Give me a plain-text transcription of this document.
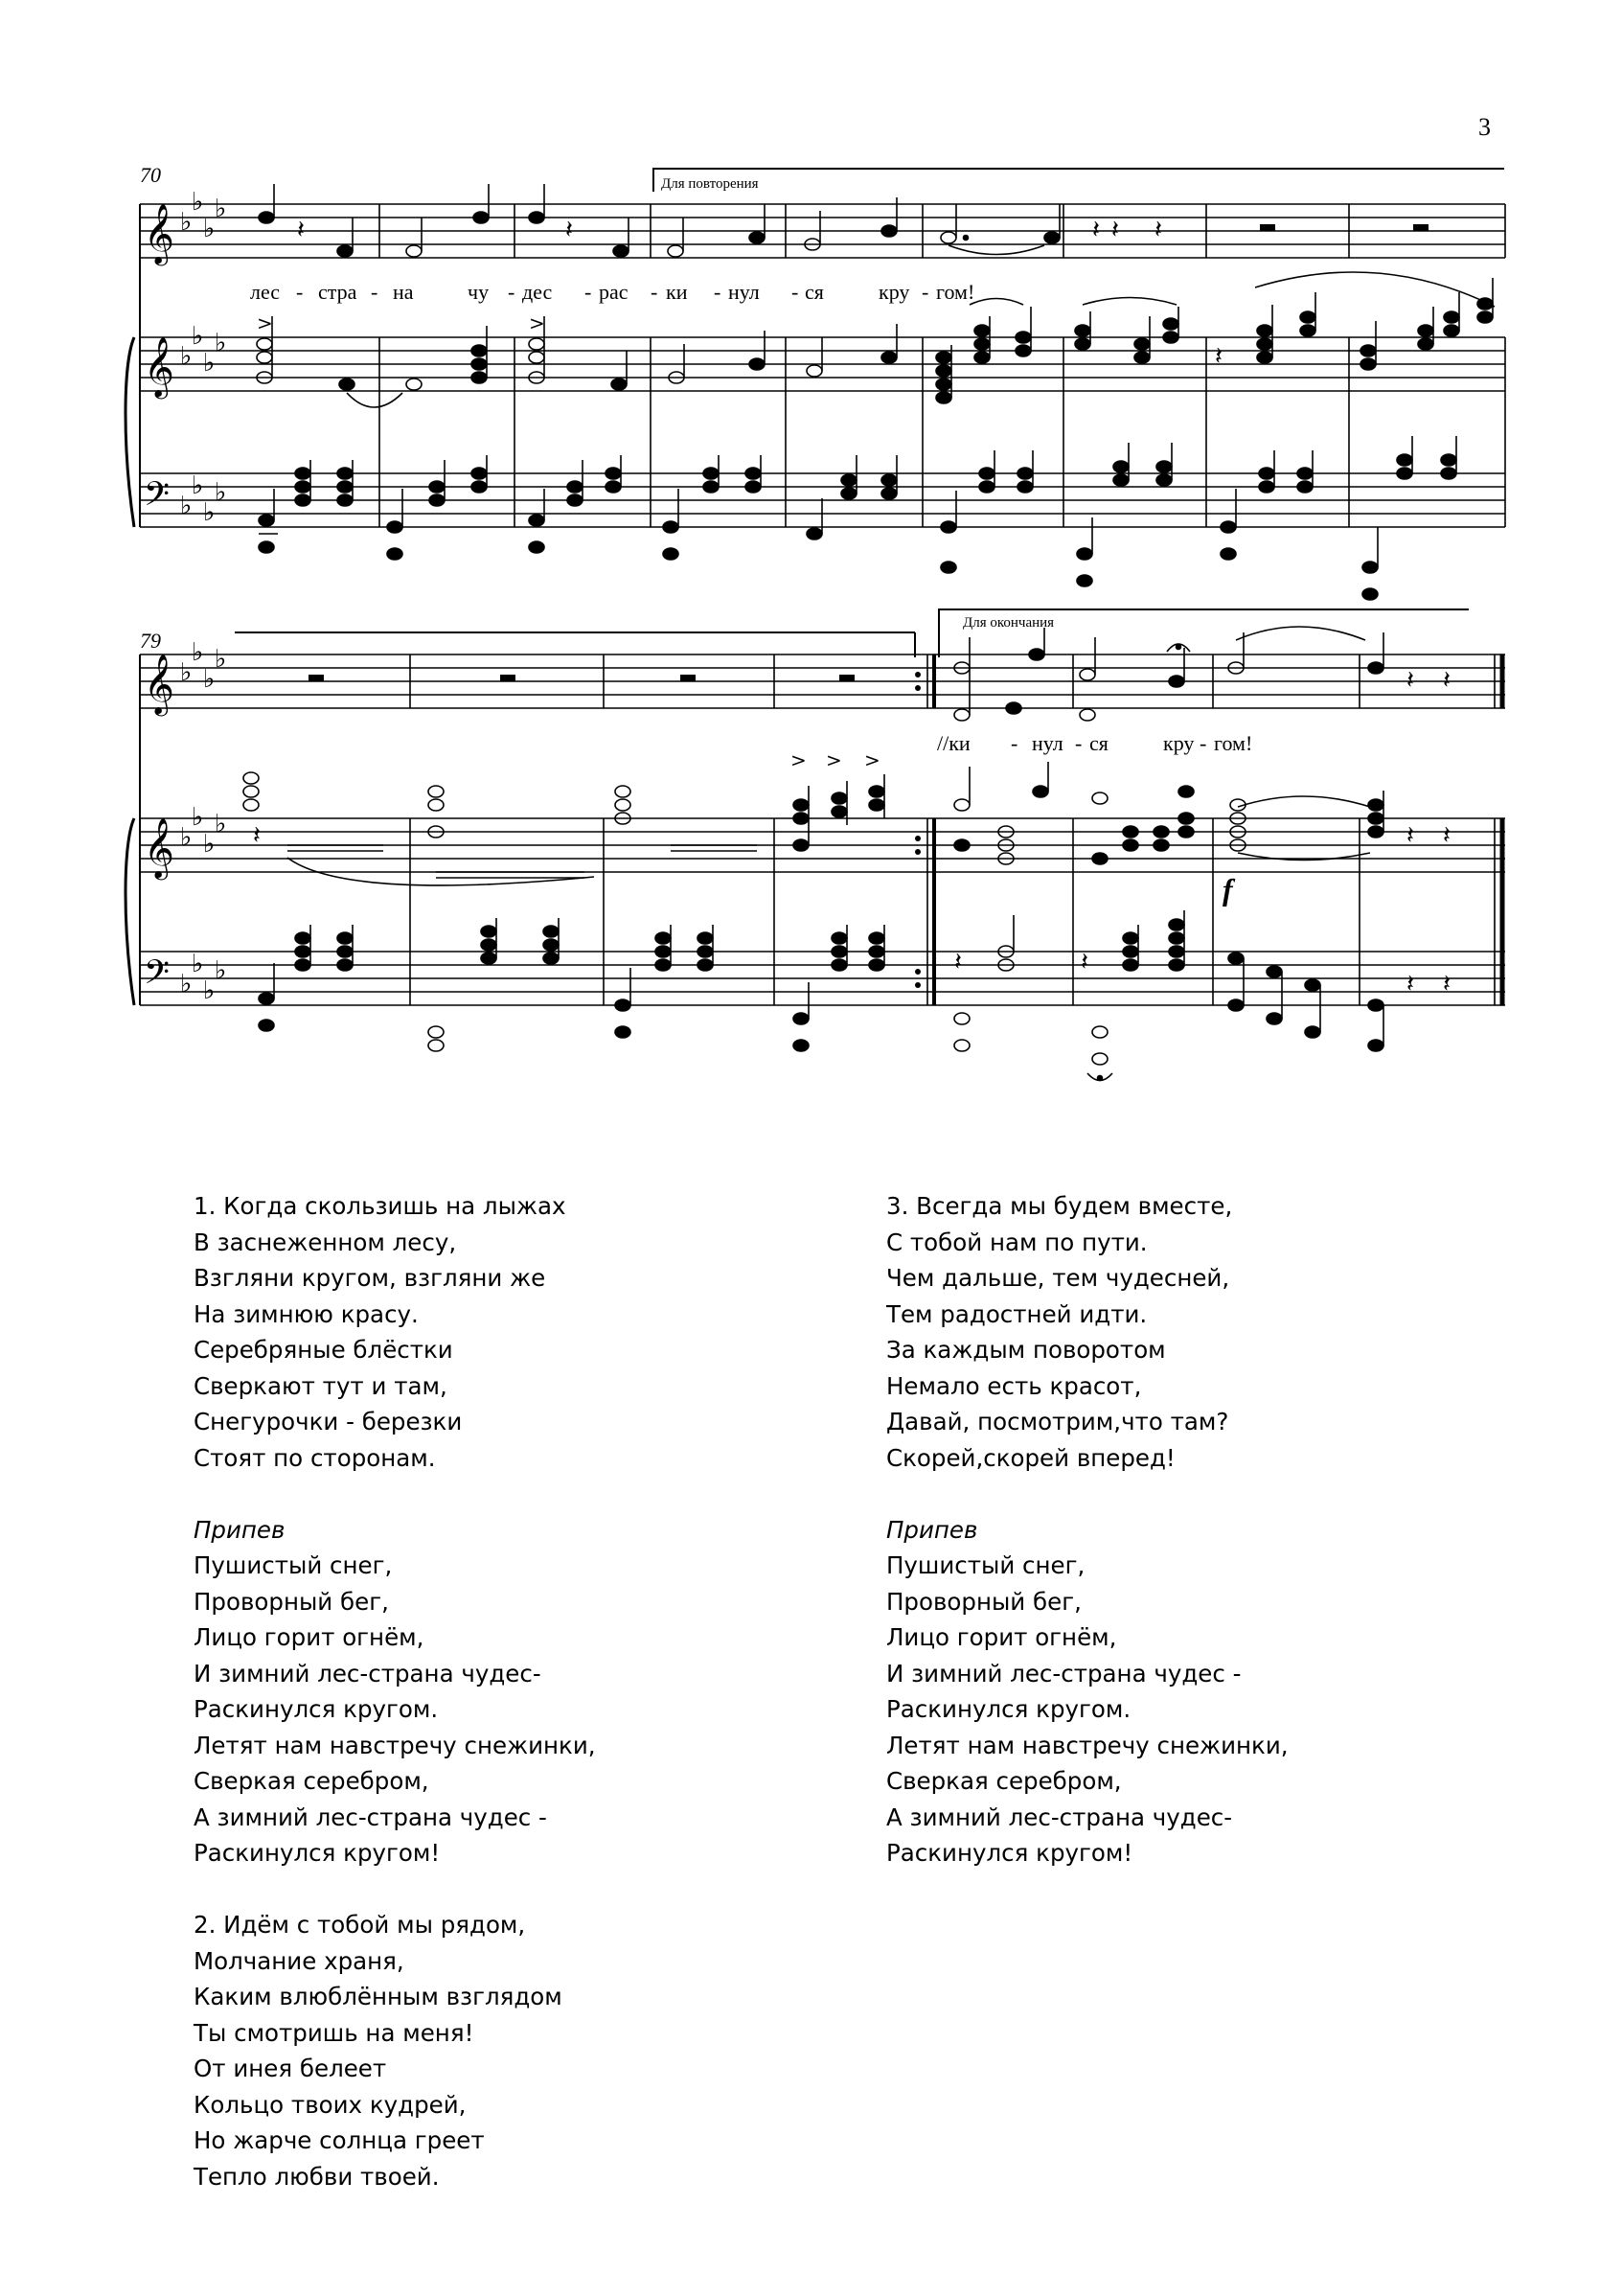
3
70	Для повторения
𝄞
𝄞
𝄢
♭
♭
♭
♭
♭
♭
♭
♭
♭
♭
♭
♭
𝄽	𝄽	𝄽 𝄽
𝄽
>	>
𝄽
𝄞
𝄞
𝄢
♭
♭
♭
♭
♭
♭
♭
♭
♭
♭
♭
♭
𝄽 𝄽
𝄽
> > >
𝄽 𝄽
𝄽	𝄽
𝄽 𝄽
лес - стра - на	чу - дес - рас - ки - нул - ся	кру - гом!
79
Для окончания
//ки - нул - ся	кру - гом!
f
1. Когда скользишь на лыжах
В заснеженном лесу,
Взгляни кругом, взгляни же
На зимнюю красу.
Серебряные блёстки
Сверкают тут и там,
Снегурочки - березки
Стоят по сторонам.
Припев
Пушистый снег,
Проворный бег,
Лицо горит огнём,
И зимний лес-страна чудес-
Раскинулся кругом.
Летят нам навстречу снежинки,
Сверкая серебром,
А зимний лес-страна чудес -
Раскинулся кругом!
2. Идём с тобой мы рядом,
Молчание храня,
Каким влюблённым взглядом
Ты смотришь на меня!
От инея белеет
Кольцо твоих кудрей,
Но жарче солнца греет
Тепло любви твоей.
3. Всегда мы будем вместе,
С тобой нам по пути.
Чем дальше, тем чудесней,
Тем радостней идти.
За каждым поворотом
Немало есть красот,
Давай, посмотрим,что там?
Скорей,скорей вперед!
Припев
Пушистый снег,
Проворный бег,
Лицо горит огнём,
И зимний лес-страна чудес -
Раскинулся кругом.
Летят нам навстречу снежинки,
Сверкая серебром,
А зимний лес-страна чудес-
Раскинулся кругом!
